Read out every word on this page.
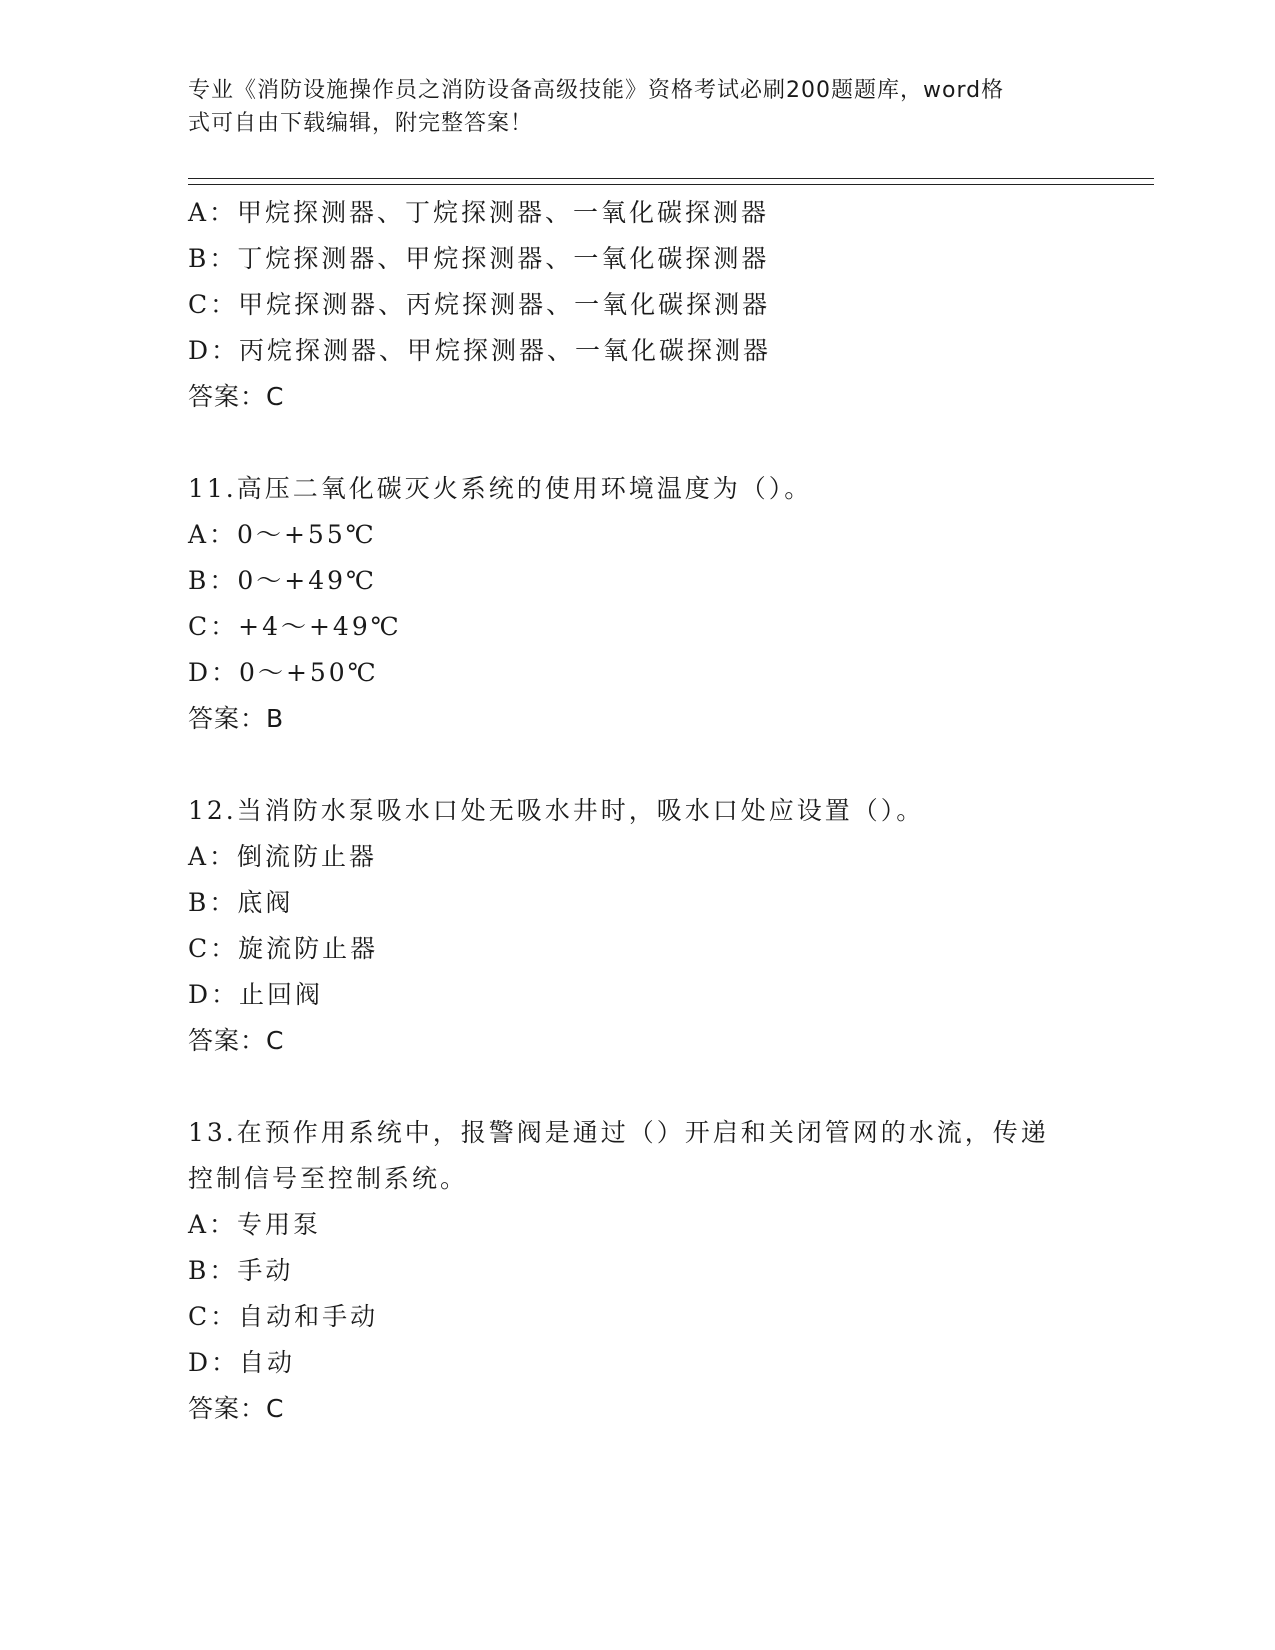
专业《消防设施操作员之消防设备高级技能》资格考试必刷200题题库，word格
式可自由下载编辑，附完整答案！
A：甲烷探测器、丁烷探测器、一氧化碳探测器
B：丁烷探测器、甲烷探测器、一氧化碳探测器
C：甲烷探测器、丙烷探测器、一氧化碳探测器
D：丙烷探测器、甲烷探测器、一氧化碳探测器
答案：C
11.高压二氧化碳灭火系统的使用环境温度为（）。
A：0～+55℃
B：0～+49℃
C：+4～+49℃
D：0～+50℃
答案：B
12.当消防水泵吸水口处无吸水井时，吸水口处应设置（）。
A：倒流防止器
B：底阀
C：旋流防止器
D：止回阀
答案：C
13.在预作用系统中，报警阀是通过（）开启和关闭管网的水流，传递
控制信号至控制系统。
A：专用泵
B：手动
C：自动和手动
D：自动
答案：C
